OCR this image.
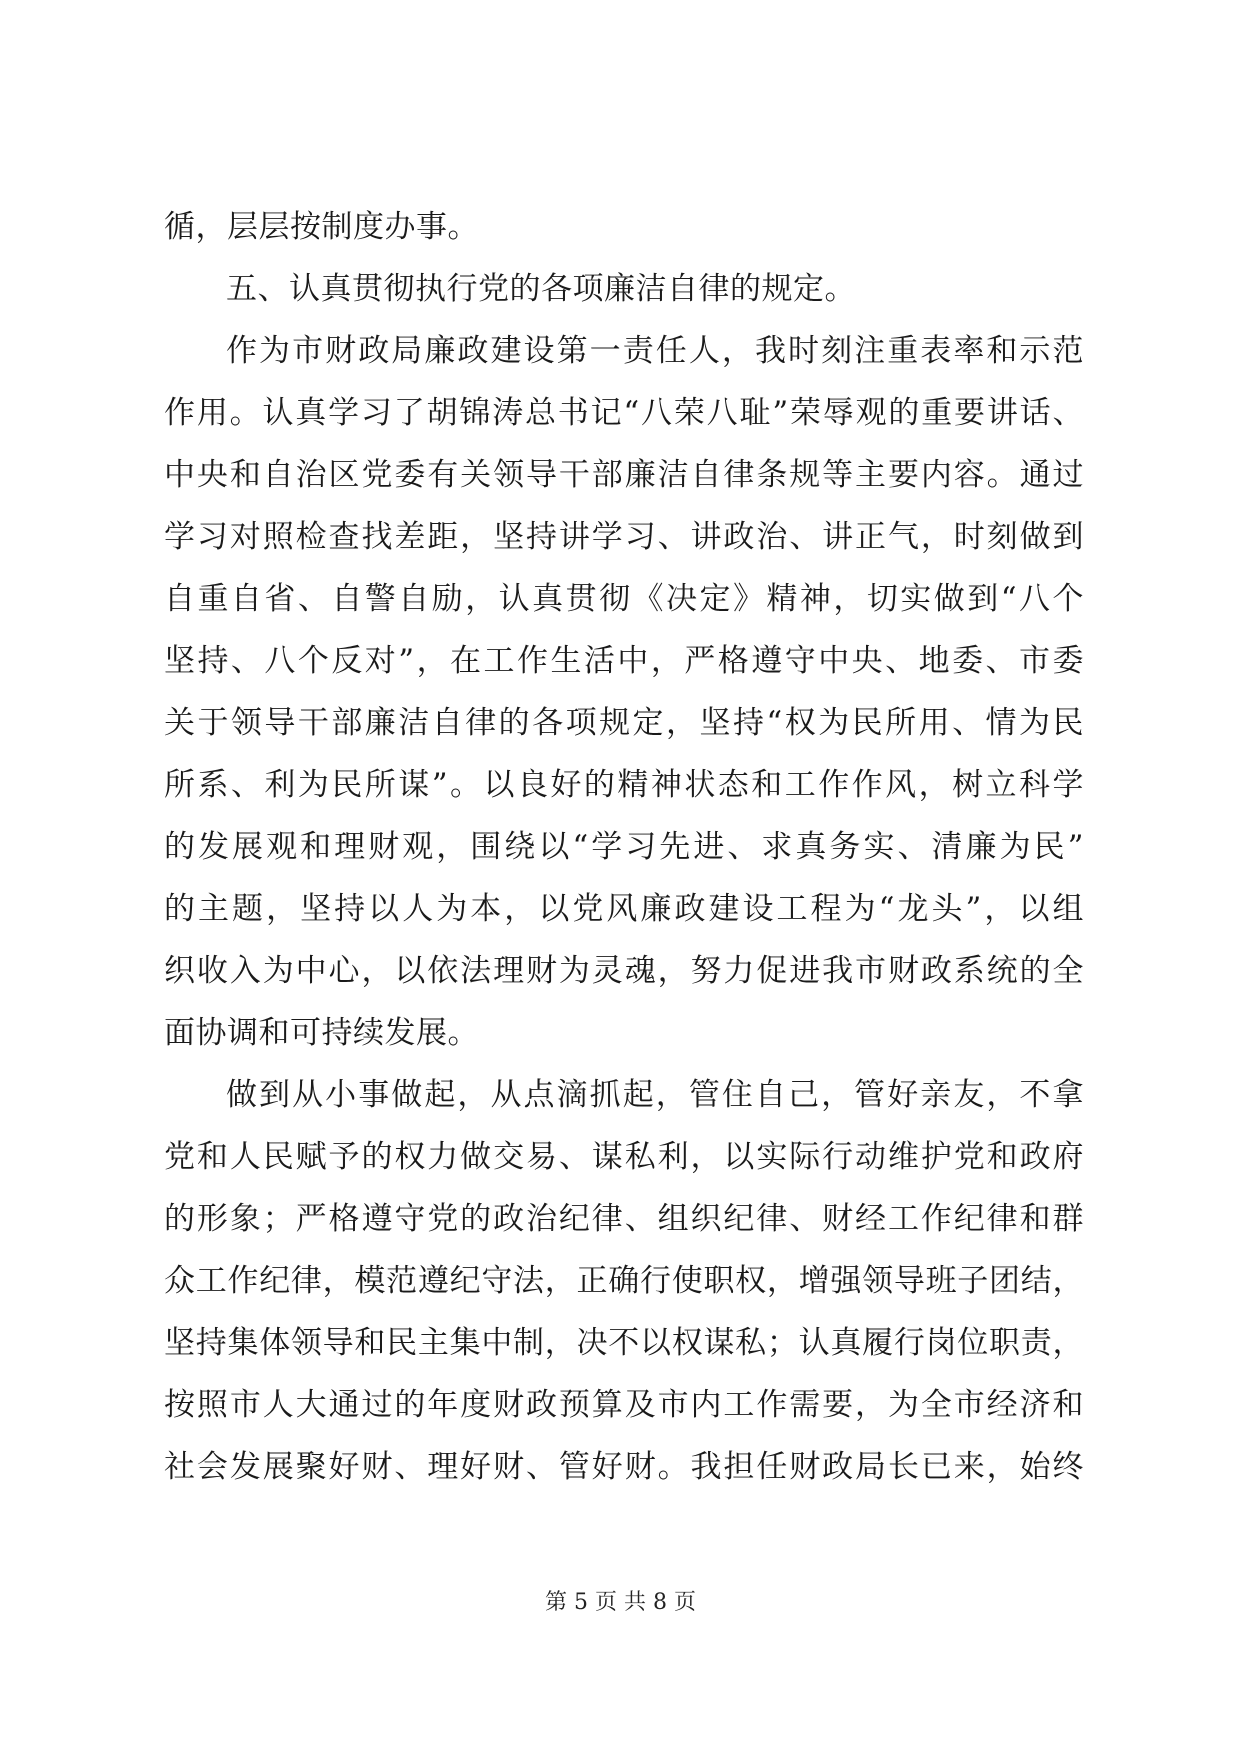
循，层层按制度办事。
五、认真贯彻执行党的各项廉洁自律的规定。
作为市财政局廉政建设第一责任人，我时刻注重表率和示范
作用。认真学习了胡锦涛总书记“八荣八耻”荣辱观的重要讲话、
中央和自治区党委有关领导干部廉洁自律条规等主要内容。通过
学习对照检查找差距，坚持讲学习、讲政治、讲正气，时刻做到
自重自省、自警自励，认真贯彻《决定》精神，切实做到“八个
坚持、八个反对”，在工作生活中，严格遵守中央、地委、市委
关于领导干部廉洁自律的各项规定，坚持“权为民所用、情为民
所系、利为民所谋”。以良好的精神状态和工作作风，树立科学
的发展观和理财观，围绕以“学习先进、求真务实、清廉为民”
的主题，坚持以人为本，以党风廉政建设工程为“龙头”，以组
织收入为中心，以依法理财为灵魂，努力促进我市财政系统的全
面协调和可持续发展。
做到从小事做起，从点滴抓起，管住自己，管好亲友，不拿
党和人民赋予的权力做交易、谋私利，以实际行动维护党和政府
的形象；严格遵守党的政治纪律、组织纪律、财经工作纪律和群
众工作纪律，模范遵纪守法，正确行使职权，增强领导班子团结，
坚持集体领导和民主集中制，决不以权谋私；认真履行岗位职责，
按照市人大通过的年度财政预算及市内工作需要，为全市经济和
社会发展聚好财、理好财、管好财。我担任财政局长已来，始终
第 5 页 共 8 页
